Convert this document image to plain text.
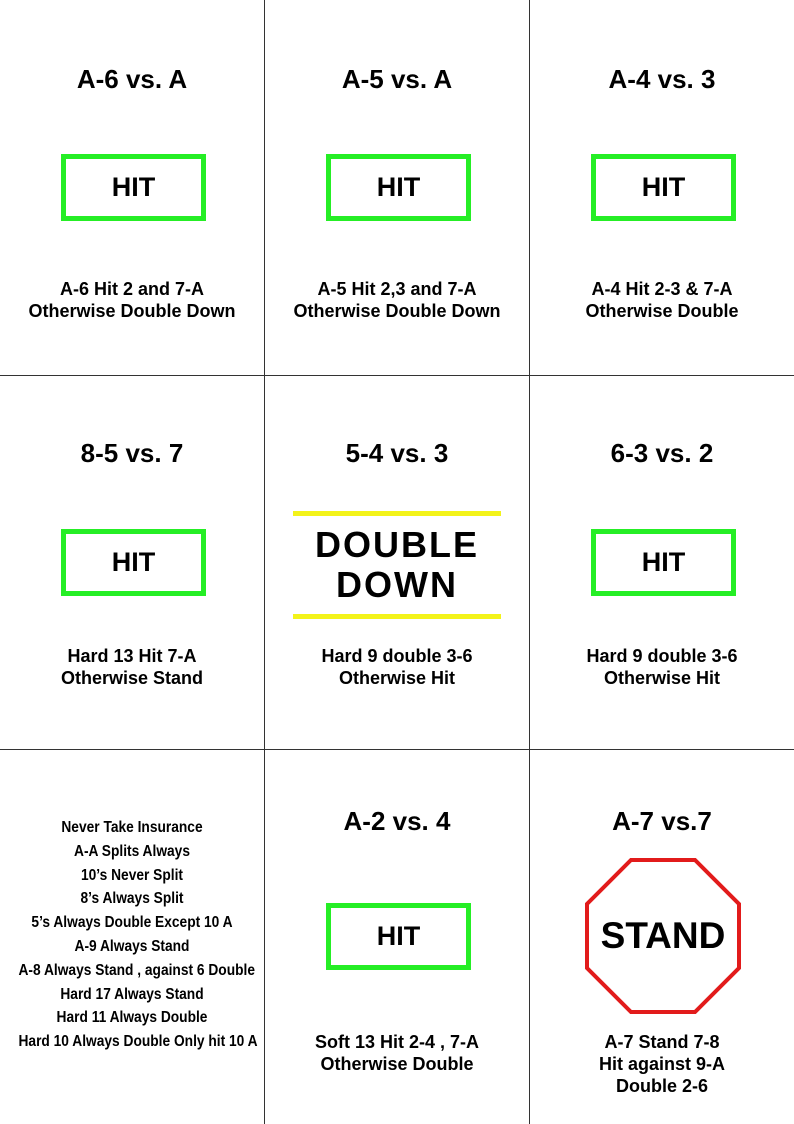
A-6 vs. A
HIT
A-6 Hit 2 and 7-A
Otherwise Double Down
A-5 vs. A
HIT
A-5 Hit 2,3 and 7-A
Otherwise Double Down
A-4 vs. 3
HIT
A-4 Hit 2-3 & 7-A
Otherwise Double
8-5 vs. 7
HIT
Hard 13 Hit 7-A
Otherwise Stand
5-4 vs. 3
DOUBLE
DOWN
Hard 9 double 3-6
Otherwise Hit
6-3 vs. 2
HIT
Hard 9 double 3-6
Otherwise Hit
Never Take Insurance
A-A Splits Always
10’s Never Split
8’s Always Split
5’s Always Double Except 10 A
A-9 Always Stand
A-8 Always Stand , against 6 Double
Hard 17 Always Stand
Hard 11 Always Double
Hard 10 Always Double Only hit 10 A
A-2 vs. 4
HIT
Soft 13 Hit 2-4 , 7-A
Otherwise Double
A-7 vs.7
STAND
A-7 Stand 7-8
Hit against 9-A
Double 2-6
